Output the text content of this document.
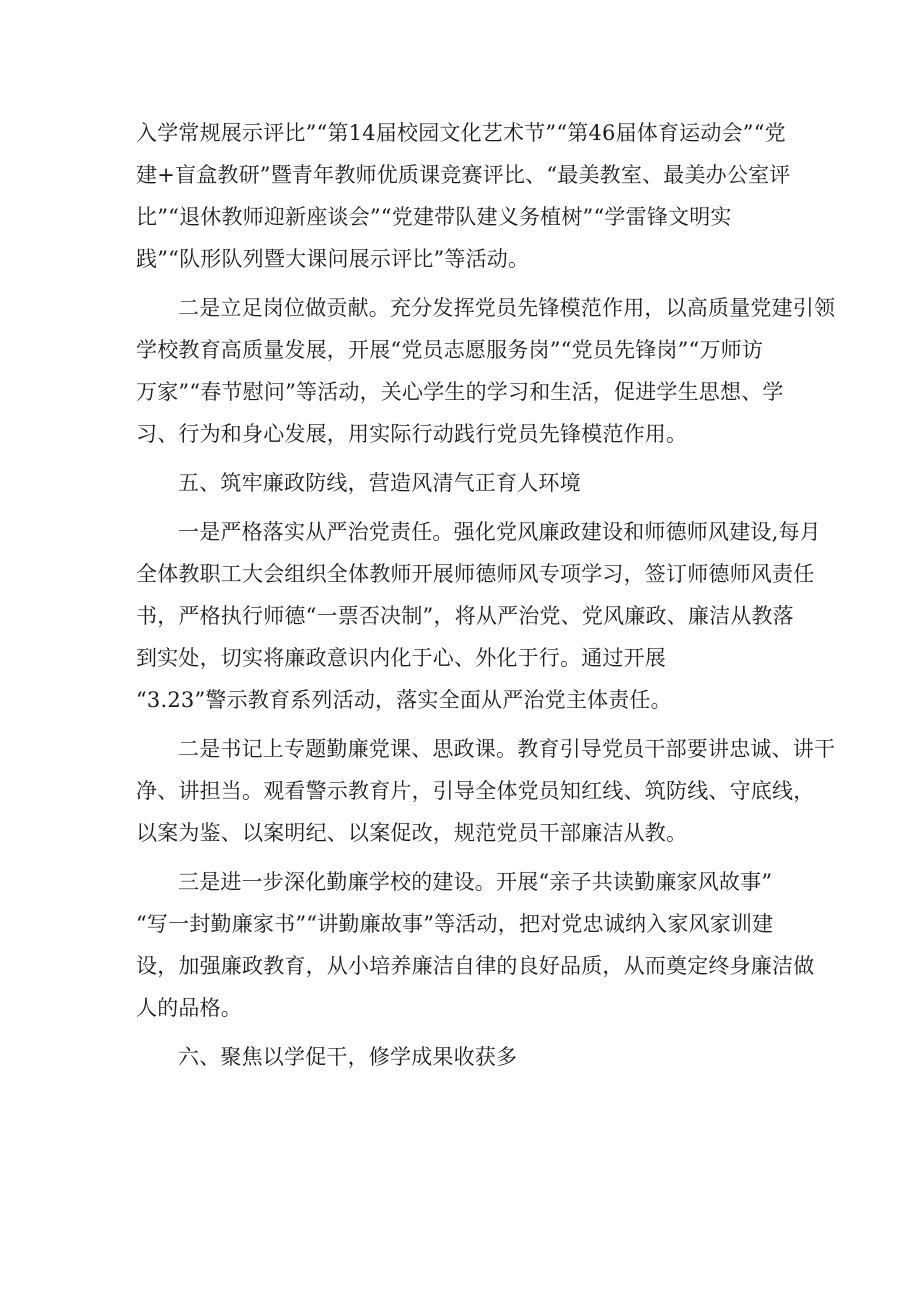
入学常规展示评比”“第14届校园文化艺术节”“第46届体育运动会”“党
建+盲盒教研”暨青年教师优质课竞赛评比、“最美教室、最美办公室评
比”“退休教师迎新座谈会”“党建带队建义务植树”“学雷锋文明实
践”“队形队列暨大课问展示评比”等活动。

二是立足岗位做贡献。充分发挥党员先锋模范作用，以高质量党建引领
学校教育高质量发展，开展“党员志愿服务岗”“党员先锋岗”“万师访
万家”“春节慰问”等活动，关心学生的学习和生活，促进学生思想、学
习、行为和身心发展，用实际行动践行党员先锋模范作用。

五、筑牢廉政防线，营造风清气正育人环境

一是严格落实从严治党责任。强化党风廉政建设和师德师风建设,每月
全体教职工大会组织全体教师开展师德师风专项学习，签订师德师风责任
书，严格执行师德“一票否决制”，将从严治党、党风廉政、廉洁从教落
到实处，切实将廉政意识内化于心、外化于行。通过开展
“3.23”警示教育系列活动，落实全面从严治党主体责任。

二是书记上专题勤廉党课、思政课。教育引导党员干部要讲忠诚、讲干
净、讲担当。观看警示教育片，引导全体党员知红线、筑防线、守底线，
以案为鉴、以案明纪、以案促改，规范党员干部廉洁从教。

三是进一步深化勤廉学校的建设。开展“亲子共读勤廉家风故事”
“写一封勤廉家书”“讲勤廉故事”等活动，把对党忠诚纳入家风家训建
设，加强廉政教育，从小培养廉洁自律的良好品质，从而奠定终身廉洁做
人的品格。

六、聚焦以学促干，修学成果收获多
